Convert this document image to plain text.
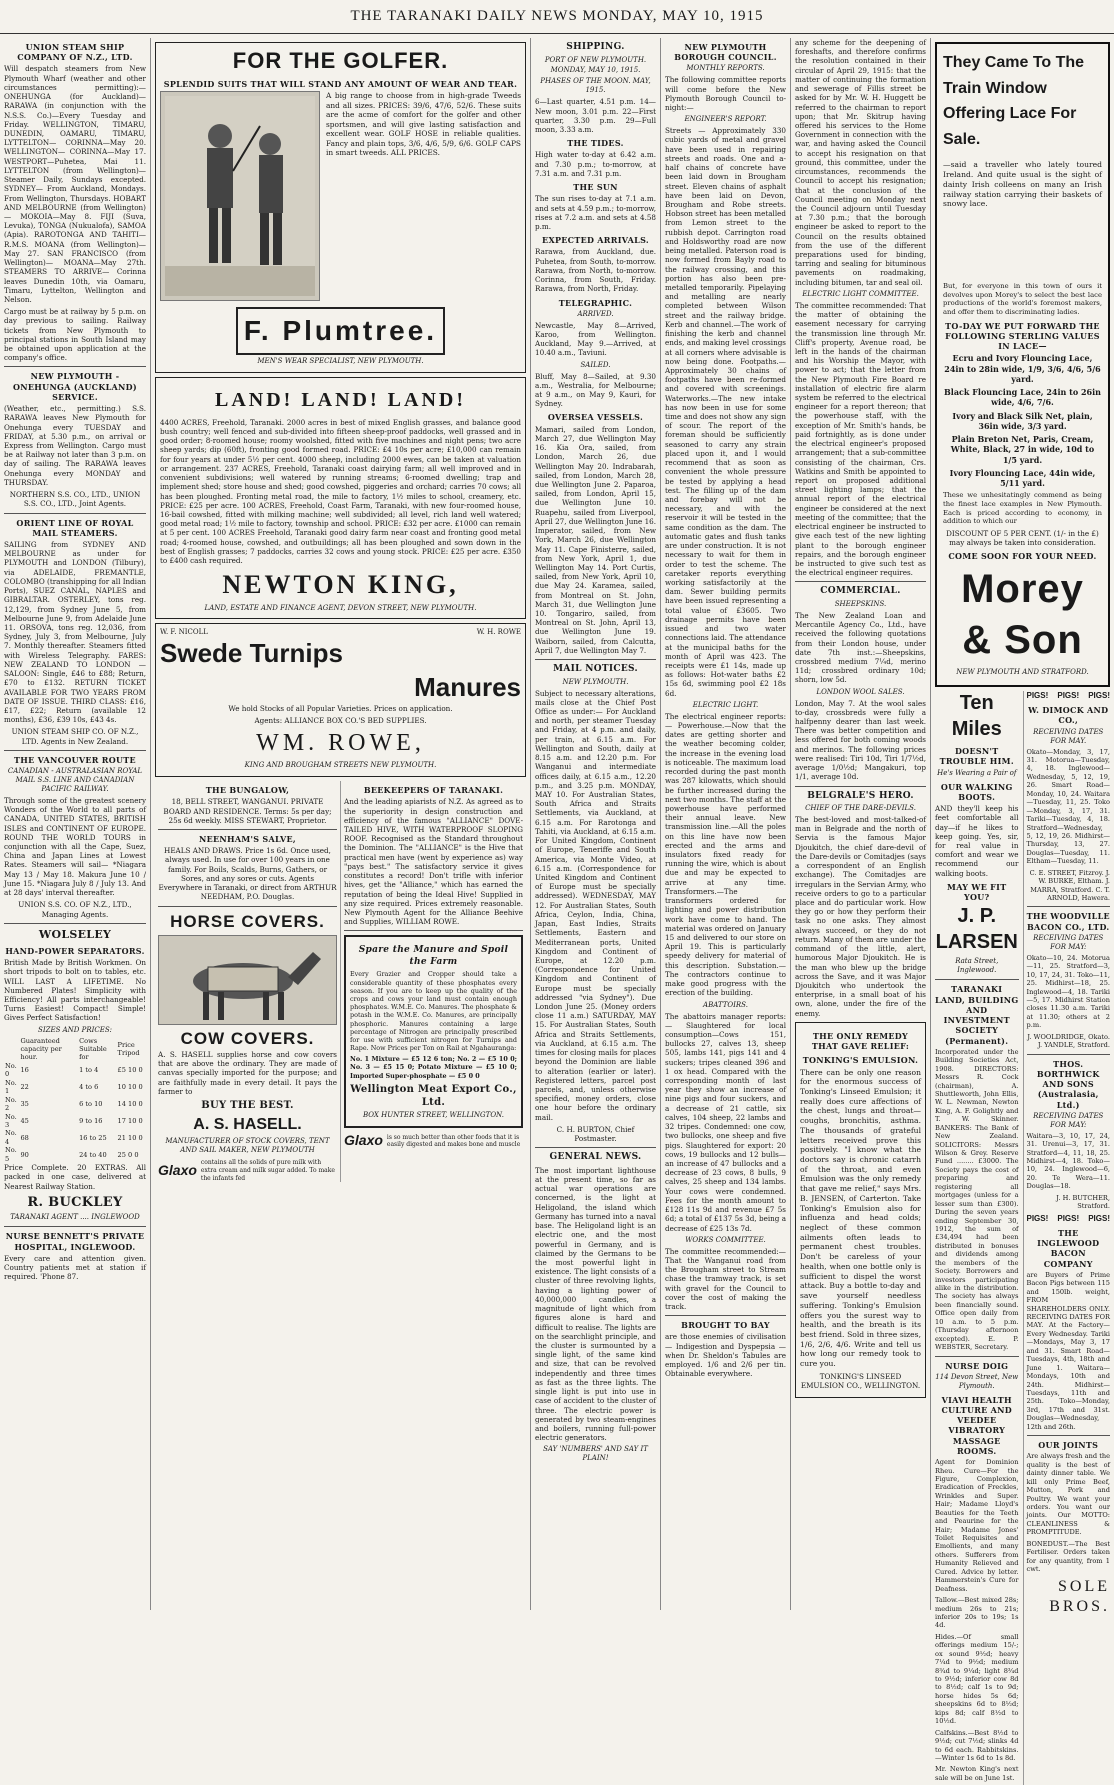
THE TARANAKI DAILY NEWS MONDAY, MAY 10, 1915
UNION STEAM SHIP COMPANY OF N.Z., LTD.

Will despatch steamers from New Plymouth Wharf (weather and other circumstances permitting):— ONEHUNGA (for Auckland)— RARAWA (in conjunction with the N.S.S. Co.)—Every Tuesday and Friday. WELLINGTON, TIMARU, DUNEDIN, OAMARU, TIMARU, LYTTELTON— CORINNA—May 20. WELLINGTON— CORINNA—May 17. WESTPORT—Puhetea, Mai 11. LYTTELTON (from Wellington)— Steamer Daily, Sundays excepted. SYDNEY— From Auckland, Mondays. From Wellington, Thursdays. HOBART AND MELBOURNE (from Wellington)— MOKOIA—May 8. FIJI (Suva, Levuka), TONGA (Nukualofa), SAMOA (Apia). RAROTONGA AND TAHITI— R.M.S. MOANA (from Wellington)— May 27. SAN FRANCISCO (from Wellington)— MOANA—May 27th. STEAMERS TO ARRIVE— Corinna leaves Dunedin 10th, via Oamaru, Timaru, Lyttelton, Wellington and Nelson.

Cargo must be at railway by 5 p.m. on day previous to sailing. Railway tickets from New Plymouth to principal stations in South Island may be obtained upon application at the company's office.

NEW PLYMOUTH - ONEHUNGA (AUCKLAND) SERVICE.

(Weather, etc., permitting.) S.S. RARAWA leaves New Plymouth for Onehunga every TUESDAY and FRIDAY, at 5.30 p.m., on arrival or Express from Wellington. Cargo must be at Railway not later than 3 p.m. on day of sailing. The RARAWA leaves Onehunga every MONDAY and THURSDAY.

NORTHERN S.S. CO., LTD., UNION S.S. CO., LTD., Joint Agents.

ORIENT LINE OF ROYAL MAIL STEAMERS.

SAILING from SYDNEY AND MELBOURNE as under for PLYMOUTH and LONDON (Tilbury), via ADELAIDE, FREMANTLE, COLOMBO (transhipping for all Indian Ports), SUEZ CANAL, NAPLES and GIBRALTAR. OSTERLEY, tons reg. 12,129, from Sydney June 5, from Melbourne June 9, from Adelaide June 11. ORSOVA, tons reg. 12,036, from Sydney, July 3, from Melbourne, July 7. Monthly thereafter. Steamers fitted with Wireless Telegraphy. FARES: NEW ZEALAND TO LONDON —SALOON: Single, £46 to £88; Return, £70 to £132. RETURN TICKET AVAILABLE FOR TWO YEARS FROM DATE OF ISSUE. THIRD CLASS: £16, £17, £22; Return (available 12 months), £36, £39 10s, £43 4s.

UNION STEAM SHIP CO. OF N.Z., LTD. Agents in New Zealand.

THE VANCOUVER ROUTE
CANADIAN - AUSTRALASIAN ROYAL MAIL S.S. LINE AND CANADIAN PACIFIC RAILWAY.

Through some of the greatest scenery Wonders of the World to all parts of CANADA, UNITED STATES, BRITISH ISLES and CONTINENT OF EUROPE. ROUND THE WORLD TOURS in conjunction with all the Cape, Suez, China and Japan Lines at Lowest Rates. Steamers will sail— *Niagara May 13 / May 18. Makura June 10 / June 15. *Niagara July 8 / July 13. And at 28 days' interval thereafter.

UNION S.S. CO. OF N.Z., LTD., Managing Agents.

WOLSELEY
HAND-POWER SEPARATORS.

British Made by British Workmen. On short tripods to bolt on to tables, etc. WILL LAST A LIFETIME. No Numbered Plates! Simplicity with Efficiency! All parts interchangeable! Turns Easiest! Compact! Simple! Gives Perfect Satisfaction!

SIZES AND PRICES:
	Guaranteed capacity per hour.	Cows Suitable for	Price Tripod
No. 0	16	1 to 4	£5 10 0
No. 1	22	4 to 6	10 10 0
No. 2	35	6 to 10	14 10 0
No. 3	45	9 to 16	17 10 0
No. 4	68	16 to 25	21 10 0
No. 5	90	24 to 40	25 0 0

Price Complete. 20 EXTRAS. All packed in one case, delivered at Nearest Railway Station.

R. BUCKLEY
TARANAKI AGENT .... INGLEWOOD
NURSE BENNETT'S PRIVATE HOSPITAL, INGLEWOOD.

Every care and attention given. Country patients met at station if required. 'Phone 87.

FOR THE GOLFER.
SPLENDID SUITS THAT WILL STAND ANY AMOUNT OF WEAR AND TEAR.

A big range to choose from in high-grade Tweeds and all sizes. PRICES: 39/6, 47/6, 52/6. These suits are the acme of comfort for the golfer and other sportsmen, and will give lasting satisfaction and excellent wear. GOLF HOSE in reliable qualities. Fancy and plain tops, 3/6, 4/6, 5/9, 6/6. GOLF CAPS in smart tweeds. ALL PRICES.

F. Plumtree.
MEN'S WEAR SPECIALIST, NEW PLYMOUTH.
LAND! LAND! LAND!

4400 ACRES, Freehold, Taranaki. 2000 acres in best of mixed English grasses, and balance good bush country; well fenced and sub-divided into fifteen sheep-proof paddocks, well grassed and in good order; 8-roomed house; roomy woolshed, fitted with five machines and night pens; two acre sheep yards; dip (60ft), fronting good formed road. PRICE: £4 10s per acre; £10,000 can remain for four years at under 5½ per cent. 4000 sheep, including 2000 ewes, can be taken at valuation or arrangement. 237 ACRES, Freehold, Taranaki coast dairying farm; all well improved and in convenient subdivisions; well watered by running streams; 6-roomed dwelling; trap and implement shed; store house and shed; good cowshed, piggeries and orchard; carries 70 cows; all has been ploughed. Fronting metal road, the mile to factory, 1½ miles to school, creamery, etc. PRICE: £25 per acre. 100 ACRES, Freehold, Coast Farm, Taranaki, with new four-roomed house, 16-bail cowshed, fitted with milking machine; well subdivided; all level, rich land well watered; good metal road; 1½ mile to factory, township and school. PRICE: £32 per acre. £1000 can remain at 5 per cent. 100 ACRES Freehold, Taranaki good dairy farm near coast and fronting good metal road; 4-roomed house, cowshed, and outbuildings; all has been ploughed and sown down in the best of English grasses; 7 paddocks, carries 32 cows and young stock. PRICE: £25 per acre. £350 to £400 cash required.

NEWTON KING,
LAND, ESTATE AND FINANCE AGENT, DEVON STREET, NEW PLYMOUTH.
W. F. NICOLL	W. H. ROWE
Swede Turnips
Manures

We hold Stocks of all Popular Varieties. Prices on application.

Agents: ALLIANCE BOX CO.'S BED SUPPLIES.

WM. ROWE,
KING AND BROUGHAM STREETS NEW PLYMOUTH.
THE BUNGALOW,

18, BELL STREET, WANGANUI. PRIVATE BOARD AND RESIDENCE. Terms: 5s per day; 25s 6d weekly. MISS STEWART, Proprietor.

NEENHAM'S SALVE,

HEALS AND DRAWS. Price 1s 6d. Once used, always used. In use for over 100 years in one family. For Boils, Scalds, Burns, Gathers, or Sores, and any sores or cuts. Agents Everywhere in Taranaki, or direct from ARTHUR NEEDHAM, P.O. Douglas.

HORSE COVERS.
COW COVERS.

A. S. HASELL supplies horse and cow covers that are above the ordinary. They are made of canvas specially imported for the purpose; and are faithfully made in every detail. It pays the farmer to

BUY THE BEST.
A. S. HASELL.
MANUFACTURER OF STOCK COVERS, TENT AND SAIL MAKER, NEW PLYMOUTH
Glaxo contains all the solids of pure milk with extra cream and milk sugar added. To make the infants fed
BEEKEEPERS OF TARANAKI.

And the leading apiarists of N.Z. As agreed as to the superiority in design construction and efficiency of the famous "ALLIANCE" DOVE-TAILED HIVE, WITH WATERPROOF SLOPING ROOF. Recognised as the Standard throughout the Dominion. The "ALLIANCE" is the Hive that practical men have (went by experience as) way "pays best." The satisfactory service it gives constitutes a record! Don't trifle with inferior hives, get the "Alliance," which has earned the reputation of being the Ideal Hive! Supplied in any size required. Prices extremely reasonable. New Plymouth Agent for the Alliance Beehive and Supplies, WILLIAM ROWE.

Spare the Manure and Spoil the Farm

Every Grazier and Cropper should take a considerable quantity of these phosphates every season. If you are to keep up the quality of the crops and cows your land must contain enough phosphates. W.M.E. Co. Manures. The phosphate & potash in the W.M.E. Co. Manures, are principally phosphoric. Manures containing a large percentage of Nitrogen are principally prescribed for use with sufficient nitrogen for Turnips and Rape. Now Prices per Ton on Rail at Ngahauranga:

No. 1 Mixture — £5 12 6 ton; No. 2 — £5 10 0; No. 3 — £5 15 0; Potato Mixture — £5 10 0; Imported Super-phosphate — £5 0 0

Wellington Meat Export Co., Ltd.
BOX HUNTER STREET, WELLINGTON.
Glaxo is so much better than other foods that it is easily digested and makes bone and muscle
SHIPPING.
PORT OF NEW PLYMOUTH.
MONDAY, MAY 10, 1915.
PHASES OF THE MOON. MAY, 1915.

6—Last quarter, 4.51 p.m. 14—New moon, 3.01 p.m. 22—First quarter, 3.30 p.m. 29—Full moon, 3.33 a.m.

THE TIDES.

High water to-day at 6.42 a.m. and 7.30 p.m.; to-morrow, at 7.31 a.m. and 7.31 p.m.

THE SUN

The sun rises to-day at 7.1 a.m. and sets at 4.59 p.m.; to-morrow, rises at 7.2 a.m. and sets at 4.58 p.m.

EXPECTED ARRIVALS.

Rarawa, from Auckland, due. Puhetea, from South, to-morrow. Rarawa, from North, to-morrow. Corinna, from South, Friday. Rarawa, from North, Friday.

TELEGRAPHIC.
ARRIVED.

Newcastle, May 8—Arrived, Karoo, from Wellington. Auckland, May 9.—Arrived, at 10.40 a.m., Taviuni.

SAILED.

Bluff, May 8—Sailed, at 9.30 a.m., Westralia, for Melbourne; at 9 a.m., on May 9, Kauri, for Sydney.

OVERSEA VESSELS.

Mamari, sailed from London, March 27, due Wellington May 16. Kia Ora, sailed, from London, March 26, due Wellington May 20. Indrabarah, sailed, from London, March 28, due Wellington June 2. Paparoa, sailed, from London, April 15, due Wellington June 10. Ruapehu, sailed from Liverpool, April 27, due Wellington June 16. Imperator, sailed, from New York, March 26, due Wellington May 11. Cape Finisterre, sailed, from New York, April 1, due Wellington May 14. Port Curtis, sailed, from New York, April 10, due May 24. Karamea, sailed, from Montreal on St. John, March 31, due Wellington June 10. Tongariro, sailed, from Montreal on St. John, April 13, due Wellington June 19. Waiborn, sailed, from Calcutta, April 7, due Wellington May 7.

MAIL NOTICES.
NEW PLYMOUTH.

Subject to necessary alterations, mails close at the Chief Post Office as under:— For Auckland and north, per steamer Tuesday and Friday, at 4 p.m. and daily, per train, at 6.15 a.m. For Wellington and South, daily at 8.15 a.m. and 12.20 p.m. For Wanganui and intermediate offices daily, at 6.15 a.m., 12.20 p.m., and 3.25 p.m. MONDAY, MAY 10. For Australian States, South Africa and Straits Settlements, via Auckland, at 6.15 a.m. For Rarotonga and Tahiti, via Auckland, at 6.15 a.m. For United Kingdom, Continent of Europe, Teneriffe and South America, via Monte Video, at 6.15 a.m. (Correspondence for United Kingdom and Continent of Europe must be specially addressed). WEDNESDAY, MAY 12. For Australian States, South Africa, Ceylon, India, China, Japan, East Indies, Straits Settlements, Eastern and Mediterranean ports, United Kingdom and Continent of Europe, at 12.20 p.m. (Correspondence for United Kingdom and Continent of Europe must be specially addressed "via Sydney"). Due London June 25. (Money orders close 11 a.m.) SATURDAY, MAY 15. For Australian States, South Africa and Straits Settlements, via Auckland, at 6.15 a.m. The times for closing mails for places beyond the Dominion are liable to alteration (earlier or later). Registered letters, parcel post parcels, and, unless otherwise specified, money orders, close one hour before the ordinary mail.

C. H. BURTON, Chief Postmaster.

GENERAL NEWS.

The most important lighthouse at the present time, so far as actual war operations are concerned, is the light at Heligoland, the island which Germany has turned into a naval base. The Heligoland light is an electric one, and the most powerful in Germany, and is claimed by the Germans to be the most powerful light in existence. The light consists of a cluster of three revolving lights, having a lighting power of 40,000,000 candles, a magnitude of light which from figures alone is hard and difficult to realise. The lights are on the searchlight principle, and the cluster is surmounted by a single light, of the same kind and size, that can be revolved independently and three times as fast as the three lights. The single light is put into use in case of accident to the cluster of three. The electric power is generated by two steam-engines and boilers, running full-power electric generators.

SAY 'NUMBERS' AND SAY IT PLAIN!
NEW PLYMOUTH BOROUGH COUNCIL.
MONTHLY REPORTS.

The following committee reports will come before the New Plymouth Borough Council to-night:—

ENGINEER'S REPORT.

Streets — Approximately 330 cubic yards of metal and gravel have been used in repairing streets and roads. One and a-half chains of concrete have been laid down in Brougham street. Eleven chains of asphalt have been laid on Devon, Brougham and Robe streets. Hobson street has been metalled from Lemon street to the rubbish depot. Carrington road and Holdsworthy road are now being metalled. Paterson road is now formed from Bayly road to the railway crossing, and this portion has also been pre-metalled temporarily. Pipelaying and metalling are nearly completed between Wilson street and the railway bridge. Kerb and channel.—The work of finishing the kerb and channel ends, and making level crossings at all corners where advisable is now being done. Footpaths.—Approximately 30 chains of footpaths have been re-formed and covered with screenings. Waterworks.—The new intake has now been in use for some time and does not show any sign of scour. The report of the foreman should be sufficiently seasoned to carry any strain placed upon it, and I would recommend that as soon as convenient the whole pressure be tested by applying a head test. The filling up of the dam and forebay will not be necessary, and with the reservoir it will be tested in the same condition as the dam. The automatic gates and flush tanks are under construction. It is not necessary to wait for them in order to test the scheme. The caretaker reports everything working satisfactorily at the dam. Sewer building permits have been issued representing a total value of £3605. Two drainage permits have been issued and two water connections laid. The attendance at the municipal baths for the month of April was 423. The receipts were £1 14s, made up as follows: Hot-water baths £2 15s 6d, swimming pool £2 18s 6d.

ELECTRIC LIGHT.

The electrical engineer reports:— Powerhouse.—Now that the dates are getting shorter and the weather becoming colder, the increase in the evening load is noticeable. The maximum load recorded during the past month was 287 kilowatts, which should be further increased during the next two months. The staff at the powerhouse have performed their annual leave. New transmission line.—All the poles on this line have now been erected and the arms and insulators fixed ready for running the wire, which is about due and may be expected to arrive at any time. Transformers.—The transformers ordered for lighting and power distribution work have come to hand. The material was ordered on January 15 and delivered to our store on April 19. This is particularly speedy delivery for material of this description. Substation.—The contractors continue to make good progress with the erection of the building.

ABATTOIRS.

The abattoirs manager reports:— Slaughtered for local consumption—Cows 151, bullocks 27, calves 13, sheep 505, lambs 141, pigs 141 and 4 suckers; tripes cleaned 396 and 1 ox head. Compared with the corresponding month of last year they show an increase of nine pigs and four suckers, and a decrease of 21 cattle, six calves, 104 sheep, 22 lambs and 32 tripes. Condemned: one cow, two bullocks, one sheep and five pigs. Slaughtered for export: 20 cows, 19 bullocks and 12 bulls—an increase of 47 bullocks and a decrease of 23 cows, 8 bulls, 9 calves, 25 sheep and 134 lambs. Your cows were condemned. Fees for the month amount to £128 11s 9d and revenue £7 5s 6d; a total of £137 5s 3d, being a decrease of £25 13s 7d.

WORKS COMMITTEE.

The committee recommended:—That the Wanganui road from the Brougham street to Stream chase the tramway track, is set with gravel for the Council to cover the cost of making the track.

BROUGHT TO BAY

are those enemies of civilisation — Indigestion and Dyspepsia — when Dr. Sheldon's Tabules are employed. 1/6 and 2/6 per tin. Obtainable everywhere.

any scheme for the deepening of foreshafts, and therefore confirms the resolution contained in their circular of April 29, 1915: that the matter of continuing the formation and sewerage of Fillis street be asked for by Mr. W. H. Huggett be referred to the chairman to report upon; that Mr. Skitrup having offered his services to the Home Government in connection with the war, and having asked the Council to accept his resignation on that ground, this committee, under the circumstances, recommends the Council to accept his resignation; that at the conclusion of the Council meeting on Monday next the Council adjourn until Tuesday at 7.30 p.m.; that the borough engineer be asked to report to the Council on the results obtained from the use of the different preparations used for binding, tarring and sealing for bituminous pavements on roadmaking, including bitumen, tar and seal oil.

ELECTRIC LIGHT COMMITTEE.

The committee recommended: That the matter of obtaining the easement necessary for carrying the transmission line through Mr. Cliff's property, Avenue road, be left in the hands of the chairman and his Worship the Mayor, with power to act; that the letter from the New Plymouth Fire Board re installation of electric fire alarm system be referred to the electrical engineer for a report thereon; that the powerhouse staff, with the exception of Mr. Smith's hands, be paid fortnightly, as is done under the electrical engineer's proposed arrangement; that a sub-committee consisting of the chairman, Crs. Watkins and Smith be appointed to report on proposed additional street lighting lamps; that the annual report of the electrical engineer be considered at the next meeting of the committee; that the electrical engineer be instructed to give each test of the new lighting plant to the borough engineer repairs, and the borough engineer be instructed to give such test as the electrical engineer requires.

COMMERCIAL.
SHEEPSKINS.

The New Zealand Loan and Mercantile Agency Co., Ltd., have received the following quotations from their London house, under date 7th inst.:—Sheepskins, crossbred medium 7¼d, merino 11d; crossbred ordinary 10d; shorn, low 5d.

LONDON WOOL SALES.

London, May 7. At the wool sales to-day, crossbreds were fully a halfpenny dearer than last week. There was better competition and less offered for both coming woods and merinos. The following prices were realised: Tiri 10d, Tiri 1/7½d, average 1/0½d; Mangakuri, top 1/1, average 10d.

BELGRALE'S HERO.
CHIEF OF THE DARE-DEVILS.

The best-loved and most-talked-of man in Belgrade and the north of Servia is the famous Major Djoukitch, the chief dare-devil of the Dare-devils or Comitadjes (says a correspondent of an English exchange). The Comitadjes are irregulars in the Servian Army, who receive orders to go to a particular place and do particular work. How they go or how they perform their task no one asks. They almost always succeed, or they do not return. Many of them are under the command of the little, alert, humorous Major Djoukitch. He is the man who blew up the bridge across the Save, and it was Major Djoukitch who undertook the enterprise, in a small boat of his own, alone, under the fire of the enemy.

THE ONLY REMEDY THAT GAVE RELIEF:
TONKING'S EMULSION.

There can be only one reason for the enormous success of Tonking's Linseed Emulsion; it really does cure affections of the chest, lungs and throat—coughs, bronchitis, asthma. The thousands of grateful letters received prove this positively. "I know what the doctors say is chronic catarrh of the throat, and even Emulsion was the only remedy that gave me relief," says Mrs. B. JENSEN, of Carterton. Take Tonking's Emulsion also for influenza and head colds; neglect of these common ailments often leads to permanent chest troubles. Don't be careless of your health, when one bottle only is sufficient to dispel the worst attack. Buy a bottle to-day and save yourself needless suffering. Tonking's Emulsion offers you the surest way to health, and the breath is its best friend. Sold in three sizes, 1/6, 2/6, 4/6. Write and tell us how long our remedy took to cure you.

TONKING'S LINSEED EMULSION CO., WELLINGTON.

They Came To The Train Window Offering Lace For Sale.

—said a traveller who lately toured Ireland. And quite usual is the sight of dainty Irish colleens on many an Irish railway station carrying their baskets of snowy lace.

But, for everyone in this town of ours it devolves upon Morey's to select the best lace productions of the world's foremost makers, and offer them to discriminating ladies.

TO-DAY WE PUT FORWARD THE FOLLOWING STERLING VALUES IN LACE—

Ecru and Ivory Flouncing Lace, 24in to 28in wide, 1/9, 3/6, 4/6, 5/6 yard.

Black Flouncing Lace, 24in to 26in wide, 4/6, 7/6.

Ivory and Black Silk Net, plain, 36in wide, 3/3 yard.

Plain Breton Net, Paris, Cream, White, Black, 27 in wide, 10d to 1/5 yard.

Ivory Flouncing Lace, 44in wide, 5/11 yard.

These we unhesitatingly commend as being the finest lace examples in New Plymouth. Each is priced according to economy, in addition to which our

DISCOUNT OF 5 PER CENT. (1/- in the £) may always be taken into consideration.

COME SOON FOR YOUR NEED.
Morey & Son
NEW PLYMOUTH AND STRATFORD.
Ten Miles
DOESN'T TROUBLE HIM.
He's Wearing a Pair of
OUR WALKING BOOTS.

AND they'll keep his feet comfortable all day—if he likes to keep going. Yes, sir, for real value in comfort and wear we recommend our walking boots.

MAY WE FIT YOU?
J. P. LARSEN
Rata Street, Inglewood.
TARANAKI LAND, BUILDING AND INVESTMENT SOCIETY (Permanent).

Incorporated under the Building Societies Act, 1908. DIRECTORS: Messrs R. Cock (chairman), A. Shuttleworth, John Ellis, W. L. Newman, Newton King, A. F. Golightly and T. W. Skinner. BANKERS: The Bank of New Zealand. SOLICITORS: Messrs Wilson & Grey. Reserve Fund ........ £3000. The Society pays the cost of preparing and registering all mortgages (unless for a lesser sum than £300). During the seven years ending September 30, 1912, the sum of £34,494 had been distributed in bonuses and dividends among the members of the Society. Borrowers and investors participating alike in the distribution. The society has always been financially sound. Office open daily from 10 a.m. to 5 p.m. (Thursday afternoon excepted). E. P. WEBSTER, Secretary.

NURSE DOIG
114 Devon Street, New Plymouth.
VIAVI HEALTH CULTURE AND VEEDEE VIBRATORY MASSAGE ROOMS.

Agent for Dominion Rheu. Cure—For the Figure, Complexion, Eradication of Freckles, Wrinkles and Super. Hair; Madame Lloyd's Beauties for the Teeth and Peaurine for the Hair; Madame Jones' Toilet Requisites and Emollients, and many others. Sufferers from Humanity Relieved and Cured. Advice by letter. Hammerstein's Cure for Deafness.

Tallow.—Best mixed 28s; medium 26s to 21s; inferior 20s to 19s; 1s 4d.

Hides.—Of small offerings medium 15/-; ox sound 9½d; heavy 7¼d to 9½d; medium 8¾d to 9¼d; light 8¾d to 9½d; inferior cow 8d to 8½d; calf 1s to 9d; horse hides 5s 6d; sheepskins 6d to 8½d; kips 8d; calf 8½d to 10½d.

Calfskins.—Best 8½d to 9½d; cut 7½d; slinks 4d to 6d each. Rabbitskins.—Winter 1s 6d to 1s 8d.

Mr. Newton King's next sale will be on June 1st.

PIGS! PIGS! PIGS!
W. DIMOCK AND CO.,
RECEIVING DATES FOR MAY.

Okato—Monday, 3, 17, 31. Motorua—Tuesday, 4, 18. Inglewood—Wednesday, 5, 12, 19, 26. Smart Road—Monday, 10, 24. Waitara—Tuesday, 11, 25. Toko—Monday, 3, 17, 31. Tariki—Tuesday, 4, 18. Stratford—Wednesday, 5, 12, 19, 26. Midhirst—Thursday, 13, 27. Douglas—Tuesday, 11. Eltham—Tuesday, 11.

C. E. STREET, Fitzroy. J. W. BURKE, Eltham. J. MARRA, Stratford. C. T. ARNOLD, Hawera.

THE WOODVILLE BACON CO., LTD.
RECEIVING DATES FOR MAY:

Okato—10, 24. Motorua—11, 25. Stratford—3, 10, 17, 24, 31. Toko—11, 25. Midhirst—18, 25. Inglewood—4, 18. Tariki—5, 17. Midhirst Station closes 11.30 a.m. Tariki at 11.30; others at 2 p.m.

J. WOOLDRIDGE, Okato. J. YANDLE, Stratford.

THOS. BORTHWICK AND SONS (Australasia, Ltd.)
RECEIVING DATES FOR MAY:

Waitara—3, 10, 17, 24, 31. Urenui—3, 17, 31. Stratford—4, 11, 18, 25. Midhirst—4, 18. Toko—10, 24. Inglewood—6, 20. Te Wera—11. Douglas—18.

J. H. BUTCHER, Stratford.

PIGS! PIGS! PIGS!
THE INGLEWOOD BACON COMPANY

are Buyers of Prime Bacon Pigs between 115 and 150lb. weight, FROM SHAREHOLDERS ONLY. RECEIVING DATES FOR MAY. At the Factory—Every Wednesday. Tariki—Mondays, May 3, 17 and 31. Smart Road—Tuesdays, 4th, 18th and June 1. Waitara—Mondays, 10th and 24th. Midhirst—Tuesdays, 11th and 25th. Toko—Monday, 3rd, 17th and 31st. Douglas—Wednesday, 12th and 26th.

OUR JOINTS

Are always fresh and the quality is the best of dainty dinner table. We kill only Prime Beef, Mutton, Pork and Poultry. We want your orders. You want our joints. Our MOTTO: CLEANLINESS & PROMPTITUDE.

BONEDUST.—The Best Fertiliser. Orders taken for any quantity, from 1 cwt.

SOLE BROS.
